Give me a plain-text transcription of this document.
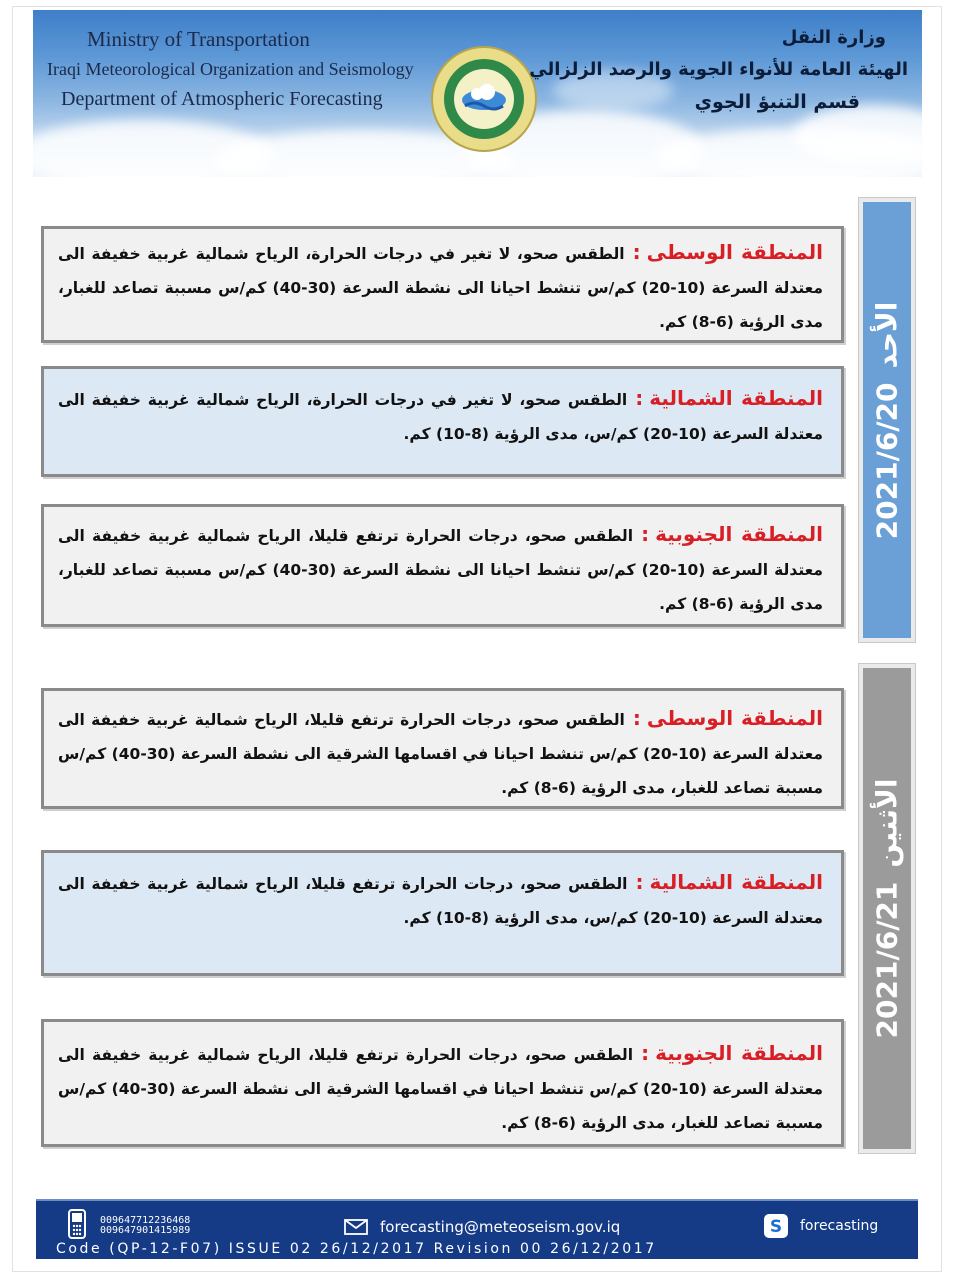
Ministry of Transportation
Iraqi Meteorological Organization and Seismology
Department of Atmospheric Forecasting
وزارة النقل
الهيئة العامة للأنواء الجوية والرصد الزلزالي
قسم التنبؤ الجوي
2021/6/20
الأحد
المنطقة الوسطى:الطقس صحو، لا تغير في درجات الحرارة، الرياح شمالية غربية خفيفة الى معتدلة السرعة (10-20) كم/س تنشط احيانا الى نشطة السرعة (30-40) كم/س مسببة تصاعد للغبار، مدى الرؤية (6-8) كم.
المنطقة الشمالية:الطقس صحو، لا تغير في درجات الحرارة، الرياح شمالية غربية خفيفة الى معتدلة السرعة (10-20) كم/س، مدى الرؤية (8-10) كم.
المنطقة الجنوبية:الطقس صحو، درجات الحرارة ترتفع قليلا، الرياح شمالية غربية خفيفة الى معتدلة السرعة (10-20) كم/س تنشط احيانا الى نشطة السرعة (30-40) كم/س مسببة تصاعد للغبار، مدى الرؤية (6-8) كم.
2021/6/21
الأثنين
المنطقة الوسطى:الطقس صحو، درجات الحرارة ترتفع قليلا، الرياح شمالية غربية خفيفة الى معتدلة السرعة (10-20) كم/س تنشط احيانا في اقسامها الشرقية الى نشطة السرعة (30-40) كم/س مسببة تصاعد للغبار، مدى الرؤية (6-8) كم.
المنطقة الشمالية:الطقس صحو، درجات الحرارة ترتفع قليلا، الرياح شمالية غربية خفيفة الى معتدلة السرعة (10-20) كم/س، مدى الرؤية (8-10) كم.
المنطقة الجنوبية:الطقس صحو، درجات الحرارة ترتفع قليلا، الرياح شمالية غربية خفيفة الى معتدلة السرعة (10-20) كم/س تنشط احيانا في اقسامها الشرقية الى نشطة السرعة (30-40) كم/س مسببة تصاعد للغبار، مدى الرؤية (6-8) كم.
009647712236468
009647901415989	forecasting@meteoseism.gov.iq	S forecasting
Code (QP-12-F07) ISSUE 02 26/12/2017 Revision 00 26/12/2017
